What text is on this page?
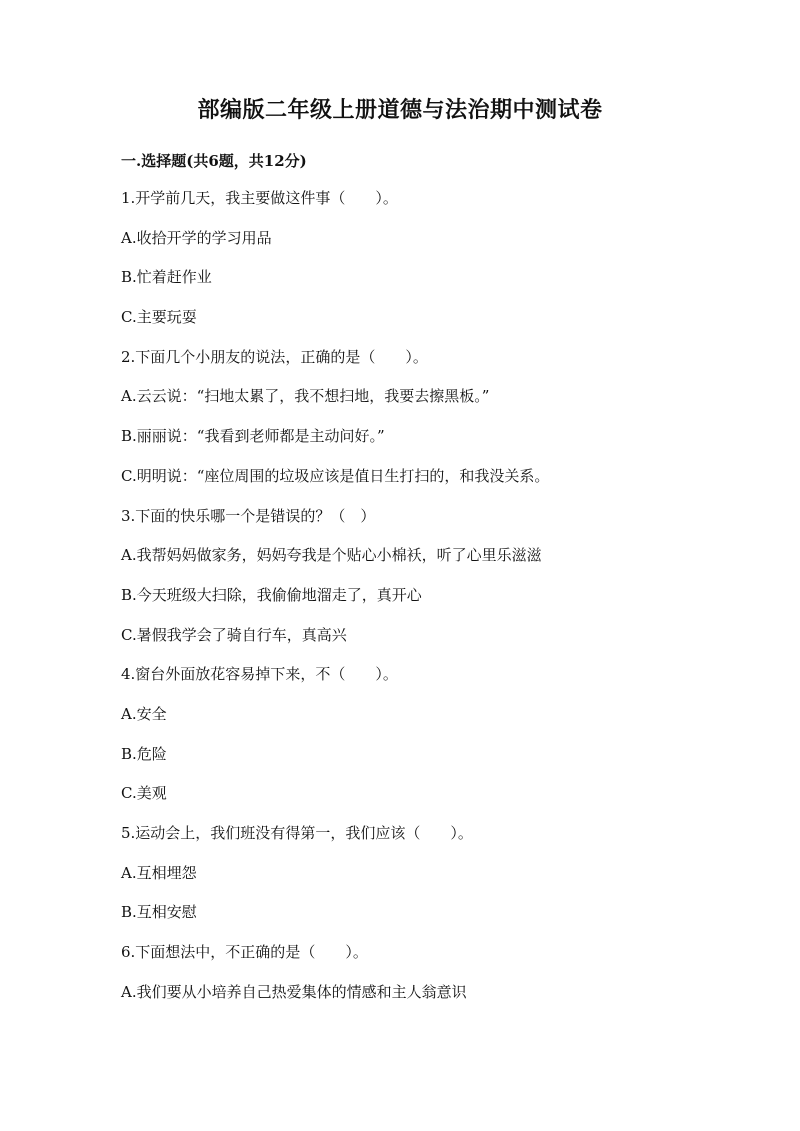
部编版二年级上册道德与法治期中测试卷
一.选择题(共6题，共12分)
1.开学前几天，我主要做这件事（　　）。
A.收拾开学的学习用品
B.忙着赶作业
C.主要玩耍
2.下面几个小朋友的说法，正确的是（　　）。
A.云云说：“扫地太累了，我不想扫地，我要去擦黑板。”
B.丽丽说：“我看到老师都是主动问好。”
C.明明说：“座位周围的垃圾应该是值日生打扫的，和我没关系。
3.下面的快乐哪一个是错误的？（　）
A.我帮妈妈做家务，妈妈夸我是个贴心小棉袄，听了心里乐滋滋
B.今天班级大扫除，我偷偷地溜走了，真开心
C.暑假我学会了骑自行车，真高兴
4.窗台外面放花容易掉下来，不（　　）。
A.安全
B.危险
C.美观
5.运动会上，我们班没有得第一，我们应该（　　）。
A.互相埋怨
B.互相安慰
6.下面想法中，不正确的是（　　）。
A.我们要从小培养自己热爱集体的情感和主人翁意识
